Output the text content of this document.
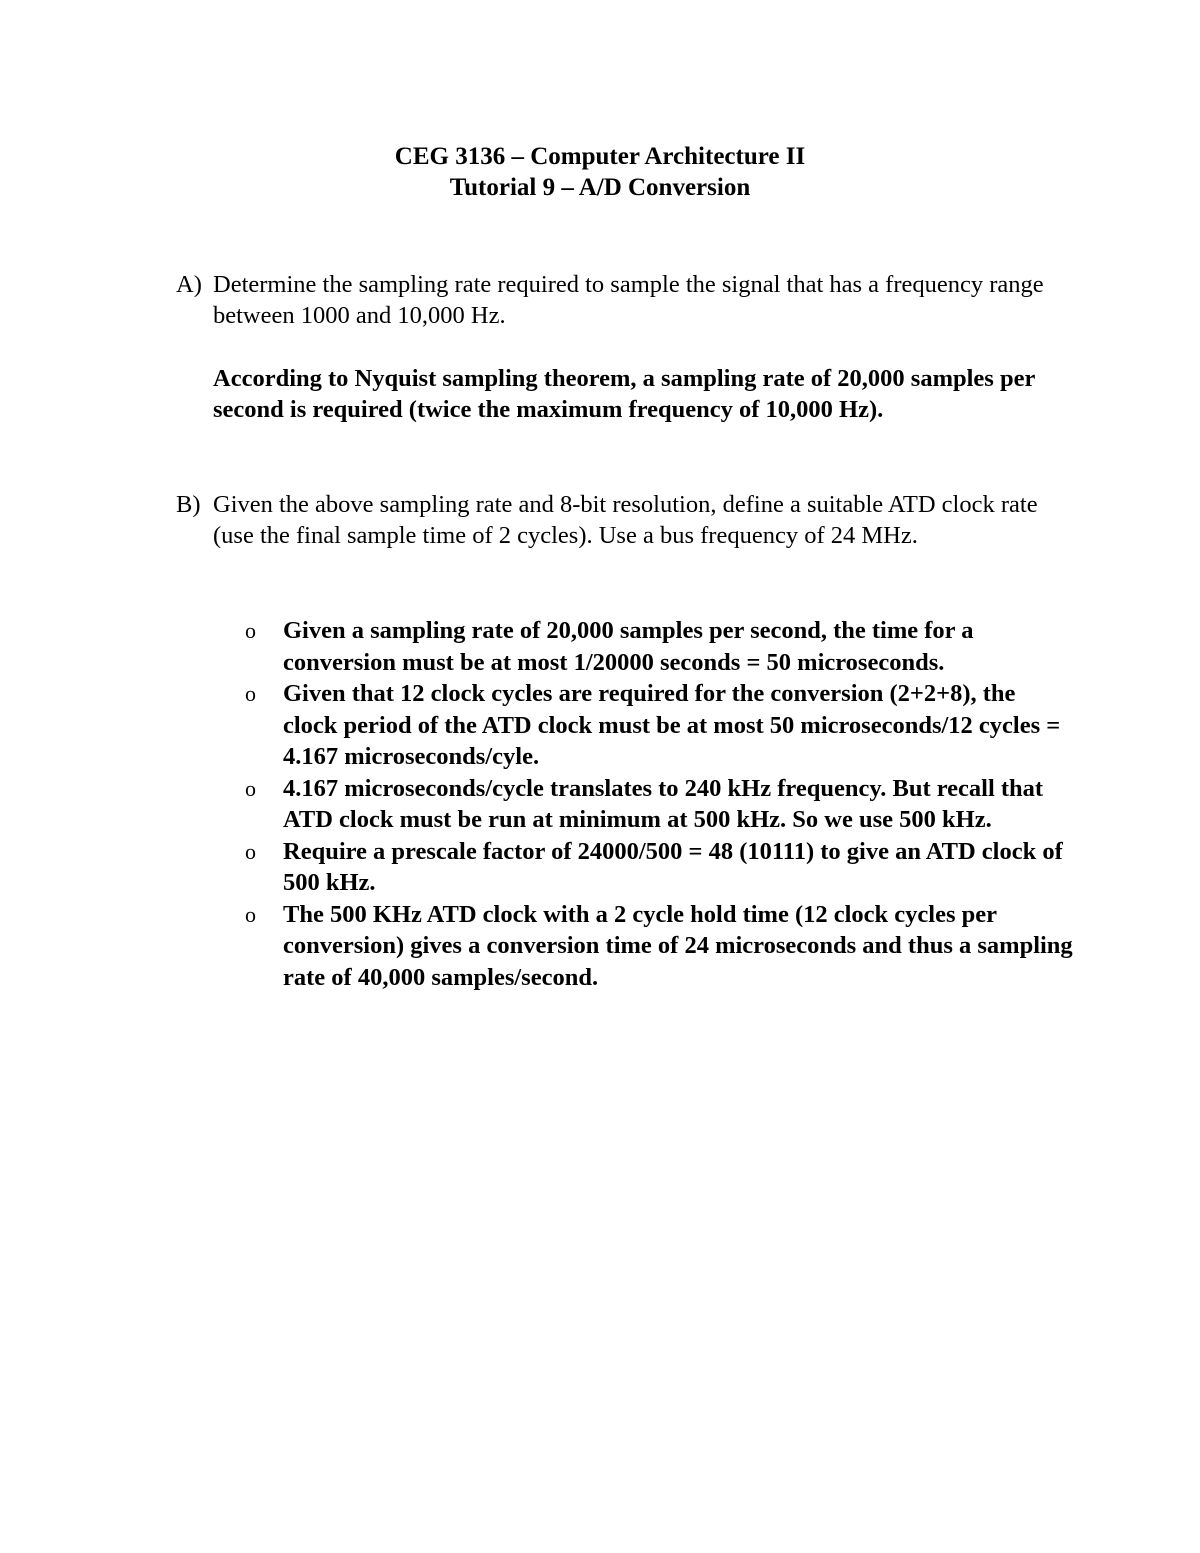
CEG 3136 – Computer Architecture II
Tutorial 9 – A/D Conversion
A) Determine the sampling rate required to sample the signal that has a frequency range between 1000 and 10,000 Hz.
According to Nyquist sampling theorem, a sampling rate of 20,000 samples per second is required (twice the maximum frequency of 10,000 Hz).
B) Given the above sampling rate and 8-bit resolution, define a suitable ATD clock rate (use the final sample time of 2 cycles). Use a bus frequency of 24 MHz.
o	Given a sampling rate of 20,000 samples per second, the time for a conversion must be at most 1/20000 seconds = 50 microseconds.
o	Given that 12 clock cycles are required for the conversion (2+2+8), the clock period of the ATD clock must be at most 50 microseconds/12 cycles = 4.167 microseconds/cyle.
o	4.167 microseconds/cycle translates to 240 kHz frequency. But recall that ATD clock must be run at minimum at 500 kHz. So we use 500 kHz.
o	Require a prescale factor of 24000/500 = 48 (10111) to give an ATD clock of 500 kHz.
o	The 500 KHz ATD clock with a 2 cycle hold time (12 clock cycles per conversion) gives a conversion time of 24 microseconds and thus a sampling rate of 40,000 samples/second.
